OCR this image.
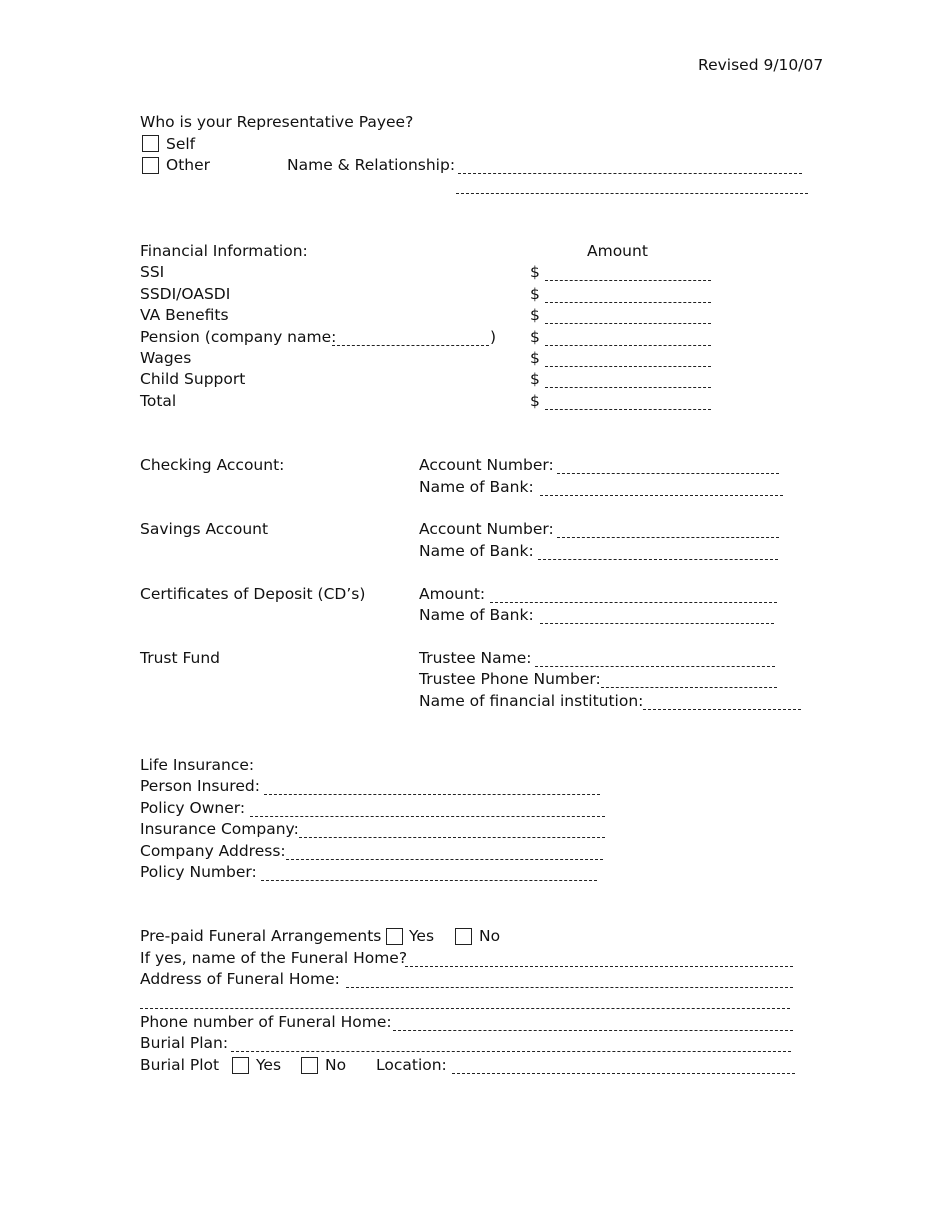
Revised 9/10/07
Who is your Representative Payee?
Self
Other	Name & Relationship:
Financial Information:	Amount
SSI	$
SSDI/OASDI	$
VA Benefits	$
Pension (company name:	) $
Wages	$
Child Support	$
Total	$
Checking Account:	Account Number:
Name of Bank:
Savings Account	Account Number:
Name of Bank:
Certificates of Deposit (CD’s)	Amount:
Name of Bank:
Trust Fund	Trustee Name:
Trustee Phone Number:
Name of financial institution:
Life Insurance:
Person Insured:
Policy Owner:
Insurance Company:
Company Address:
Policy Number:
Pre-paid Funeral Arrangements Yes	No
If yes, name of the Funeral Home?
Address of Funeral Home:
Phone number of Funeral Home:
Burial Plan:
Burial Plot Yes	No Location:
